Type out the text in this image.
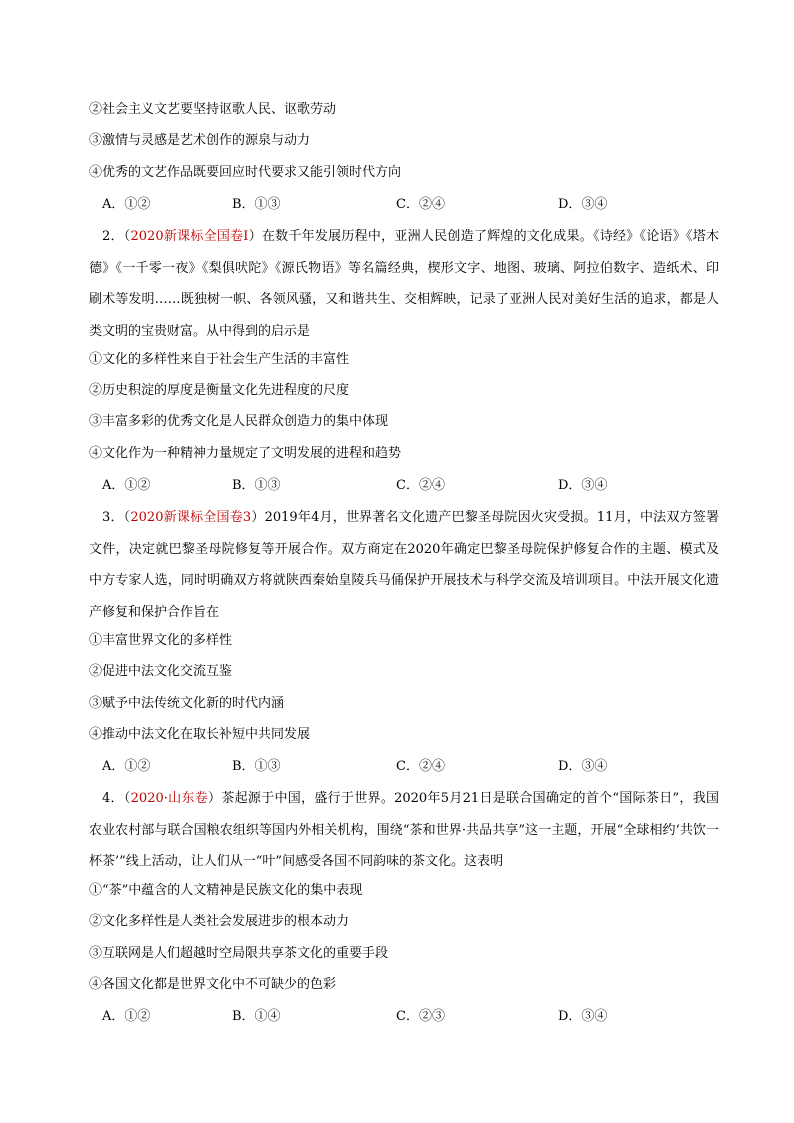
②社会主义文艺要坚持讴歌人民、讴歌劳动
③激情与灵感是艺术创作的源泉与动力
④优秀的文艺作品既要回应时代要求又能引领时代方向
A．①②	B．①③	C．②④	D．③④
2．（2020新课标全国卷Ⅰ）在数千年发展历程中，亚洲人民创造了辉煌的文化成果。《诗经》《论语》《塔木德》《一千零一夜》《梨俱吠陀》《源氏物语》等名篇经典，楔形文字、地图、玻璃、阿拉伯数字、造纸术、印刷术等发明……既独树一帜、各领风骚，又和谐共生、交相辉映，记录了亚洲人民对美好生活的追求，都是人类文明的宝贵财富。从中得到的启示是
①文化的多样性来自于社会生产生活的丰富性
②历史积淀的厚度是衡量文化先进程度的尺度
③丰富多彩的优秀文化是人民群众创造力的集中体现
④文化作为一种精神力量规定了文明发展的进程和趋势
A．①②	B．①③	C．②④	D．③④
3．（2020新课标全国卷3）2019年4月，世界著名文化遗产巴黎圣母院因火灾受损。11月，中法双方签署文件，决定就巴黎圣母院修复等开展合作。双方商定在2020年确定巴黎圣母院保护修复合作的主题、模式及中方专家人选，同时明确双方将就陕西秦始皇陵兵马俑保护开展技术与科学交流及培训项目。中法开展文化遗产修复和保护合作旨在
①丰富世界文化的多样性
②促进中法文化交流互鉴
③赋予中法传统文化新的时代内涵
④推动中法文化在取长补短中共同发展
A．①②	B．①③	C．②④	D．③④
4．（2020·山东卷）茶起源于中国，盛行于世界。2020年5月21日是联合国确定的首个“国际茶日”，我国农业农村部与联合国粮农组织等国内外相关机构，围绕“茶和世界·共品共享”这一主题，开展“全球相约‘共饮一杯茶’”线上活动，让人们从一“叶”间感受各国不同韵味的茶文化。这表明
①“茶”中蕴含的人文精神是民族文化的集中表现
②文化多样性是人类社会发展进步的根本动力
③互联网是人们超越时空局限共享茶文化的重要手段
④各国文化都是世界文化中不可缺少的色彩
A．①②	B．①④	C．②③	D．③④
